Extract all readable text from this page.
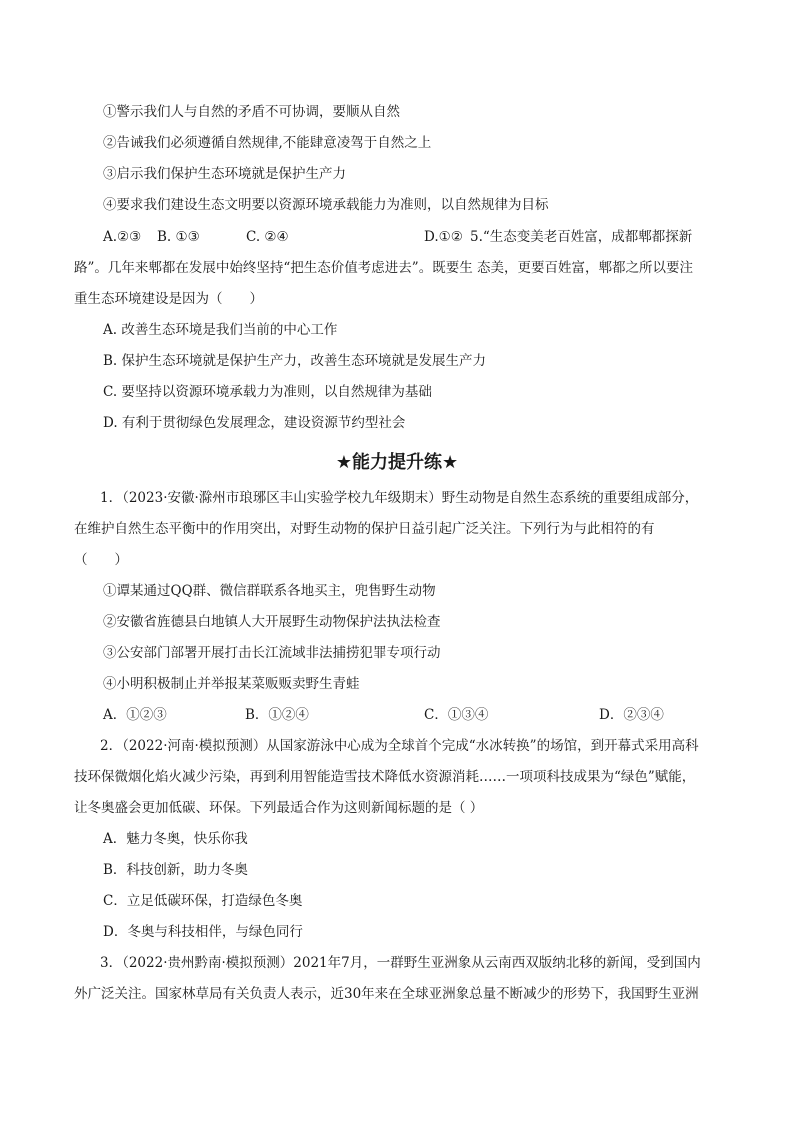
①警示我们人与自然的矛盾不可协调，要顺从自然
②告诫我们必须遵循自然规律,不能肆意凌驾于自然之上
③启示我们保护生态环境就是保护生产力
④要求我们建设生态文明要以资源环境承载能力为准则，以自然规律为目标
A.②③ B. ①③	C. ②④	D.①② 5.“生态变美老百姓富，成都郫都探新
路”。几年来郫都在发展中始终坚持“把生态价值考虑进去”。既要生 态美，更要百姓富，郫都之所以要注
重生态环境建设是因为（　　）
A. 改善生态环境是我们当前的中心工作
B. 保护生态环境就是保护生产力，改善生态环境就是发展生产力
C. 要坚持以资源环境承载力为准则，以自然规律为基础
D. 有利于贯彻绿色发展理念，建设资源节约型社会
★能力提升练★
1．（2023·安徽·滁州市琅琊区丰山实验学校九年级期末）野生动物是自然生态系统的重要组成部分，
在维护自然生态平衡中的作用突出，对野生动物的保护日益引起广泛关注。下列行为与此相符的有
（　　）
①谭某通过QQ群、微信群联系各地买主，兜售野生动物
②安徽省旌德县白地镇人大开展野生动物保护法执法检查
③公安部门部署开展打击长江流域非法捕捞犯罪专项行动
④小明积极制止并举报某菜贩贩卖野生青蛙
A．①②③	B．①②④	C．①③④	D．②③④
2．（2022·河南·模拟预测）从国家游泳中心成为全球首个完成“水冰转换”的场馆，到开幕式采用高科
技环保微烟化焰火减少污染，再到利用智能造雪技术降低水资源消耗……一项项科技成果为“绿色”赋能，
让冬奥盛会更加低碳、环保。下列最适合作为这则新闻标题的是（ ）
A．魅力冬奥，快乐你我
B．科技创新，助力冬奥
C．立足低碳环保，打造绿色冬奥
D．冬奥与科技相伴，与绿色同行
3．（2022·贵州黔南·模拟预测）2021年7月，一群野生亚洲象从云南西双版纳北移的新闻，受到国内
外广泛关注。国家林草局有关负责人表示，近30年来在全球亚洲象总量不断减少的形势下，我国野生亚洲
